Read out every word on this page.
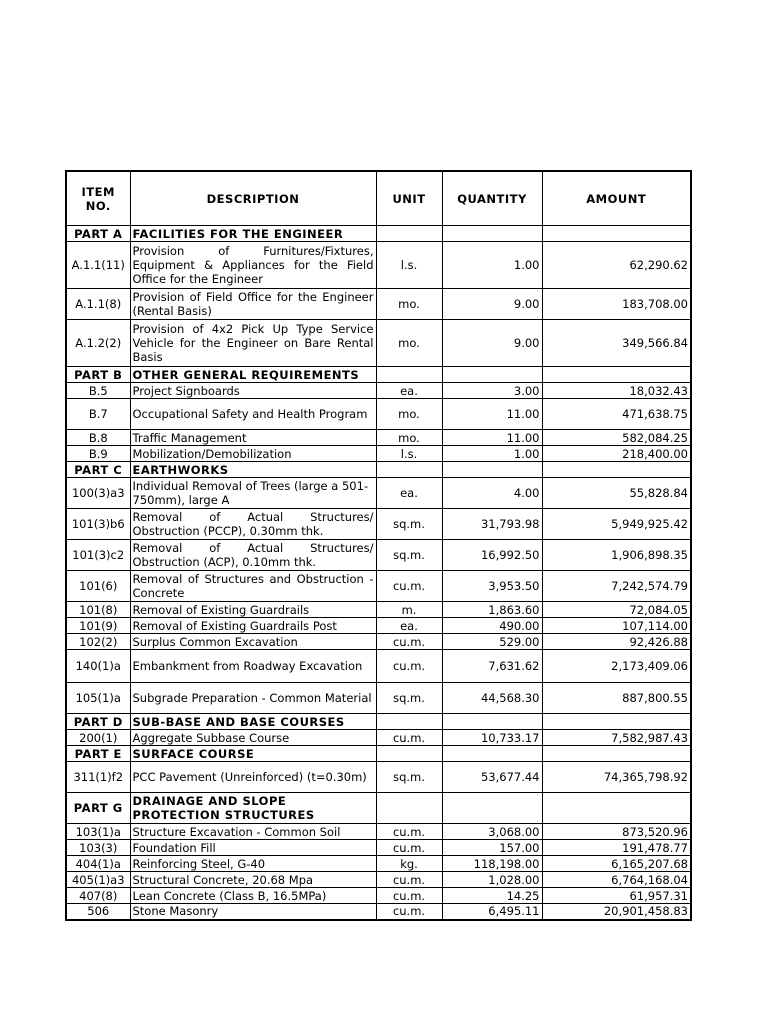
ITEM NO.	DESCRIPTION	UNIT	QUANTITY	AMOUNT
PART A	FACILITIES FOR THE ENGINEER			
A.1.1(11)	Provision of Furnitures/Fixtures, Equipment & Appliances for the Field Office for the Engineer	l.s.	1.00	62,290.62
A.1.1(8)	Provision of Field Office for the Engineer (Rental Basis)	mo.	9.00	183,708.00
A.1.2(2)	Provision of 4x2 Pick Up Type Service Vehicle for the Engineer on Bare Rental Basis	mo.	9.00	349,566.84
PART B	OTHER GENERAL REQUIREMENTS			
B.5	Project Signboards	ea.	3.00	18,032.43
B.7	Occupational Safety and Health Program	mo.	11.00	471,638.75
B.8	Traffic Management	mo.	11.00	582,084.25
B.9	Mobilization/Demobilization	l.s.	1.00	218,400.00
PART C	EARTHWORKS			
100(3)a3	Individual Removal of Trees (large a 501-750mm), large A	ea.	4.00	55,828.84
101(3)b6	Removal of Actual Structures/ Obstruction (PCCP), 0.30mm thk.	sq.m.	31,793.98	5,949,925.42
101(3)c2	Removal of Actual Structures/ Obstruction (ACP), 0.10mm thk.	sq.m.	16,992.50	1,906,898.35
101(6)	Removal of Structures and Obstruction - Concrete	cu.m.	3,953.50	7,242,574.79
101(8)	Removal of Existing Guardrails	m.	1,863.60	72,084.05
101(9)	Removal of Existing Guardrails Post	ea.	490.00	107,114.00
102(2)	Surplus Common Excavation	cu.m.	529.00	92,426.88
140(1)a	Embankment from Roadway Excavation	cu.m.	7,631.62	2,173,409.06
105(1)a	Subgrade Preparation - Common Material	sq.m.	44,568.30	887,800.55
PART D	SUB-BASE AND BASE COURSES			
200(1)	Aggregate Subbase Course	cu.m.	10,733.17	7,582,987.43
PART E	SURFACE COURSE			
311(1)f2	PCC Pavement (Unreinforced) (t=0.30m)	sq.m.	53,677.44	74,365,798.92
PART G	DRAINAGE AND SLOPE PROTECTION STRUCTURES			
103(1)a	Structure Excavation - Common Soil	cu.m.	3,068.00	873,520.96
103(3)	Foundation Fill	cu.m.	157.00	191,478.77
404(1)a	Reinforcing Steel, G-40	kg.	118,198.00	6,165,207.68
405(1)a3	Structural Concrete, 20.68 Mpa	cu.m.	1,028.00	6,764,168.04
407(8)	Lean Concrete (Class B, 16.5MPa)	cu.m.	14.25	61,957.31
506	Stone Masonry	cu.m.	6,495.11	20,901,458.83
